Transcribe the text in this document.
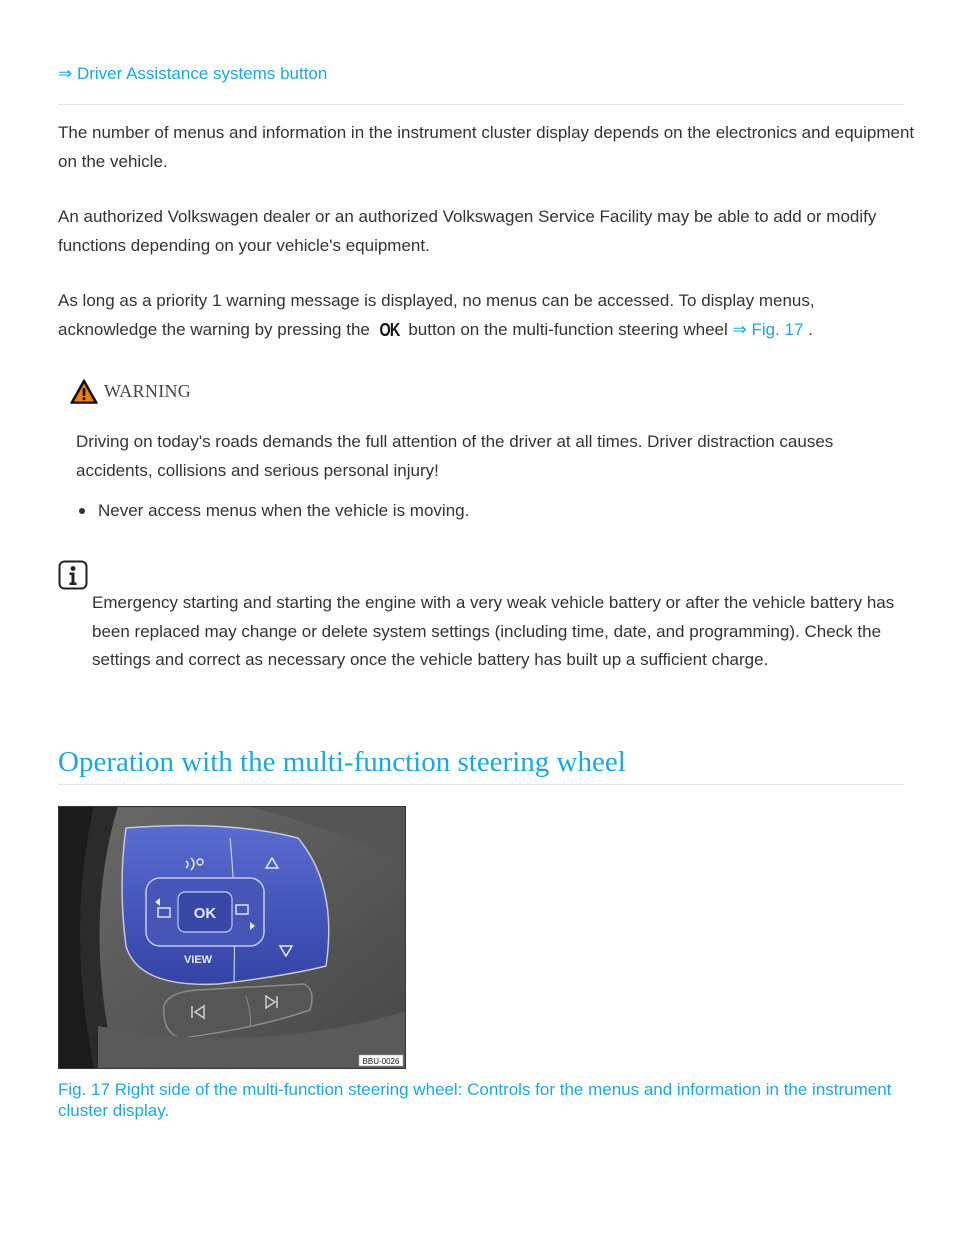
⇒ Driver Assistance systems button

The number of menus and information in the instrument cluster display depends on the electronics and equipment on the vehicle.

An authorized Volkswagen dealer or an authorized Volkswagen Service Facility may be able to add or modify functions depending on your vehicle's equipment.

As long as a priority 1 warning message is displayed, no menus can be accessed. To display menus, acknowledge the warning by pressing the OK button on the multi-function steering wheel ⇒ Fig. 17 .

WARNING

Driving on today's roads demands the full attention of the driver at all times. Driver distraction causes accidents, collisions and serious personal injury!

Never access menus when the vehicle is moving.

Emergency starting and starting the engine with a very weak vehicle battery or after the vehicle battery has been replaced may change or delete system settings (including time, date, and programming). Check the settings and correct as necessary once the vehicle battery has built up a sufficient charge.

Operation with the multi-function steering wheel
OK
VIEW
BBU-0026

Fig. 17 Right side of the multi-function steering wheel: Controls for the menus and information in the instrument cluster display.
